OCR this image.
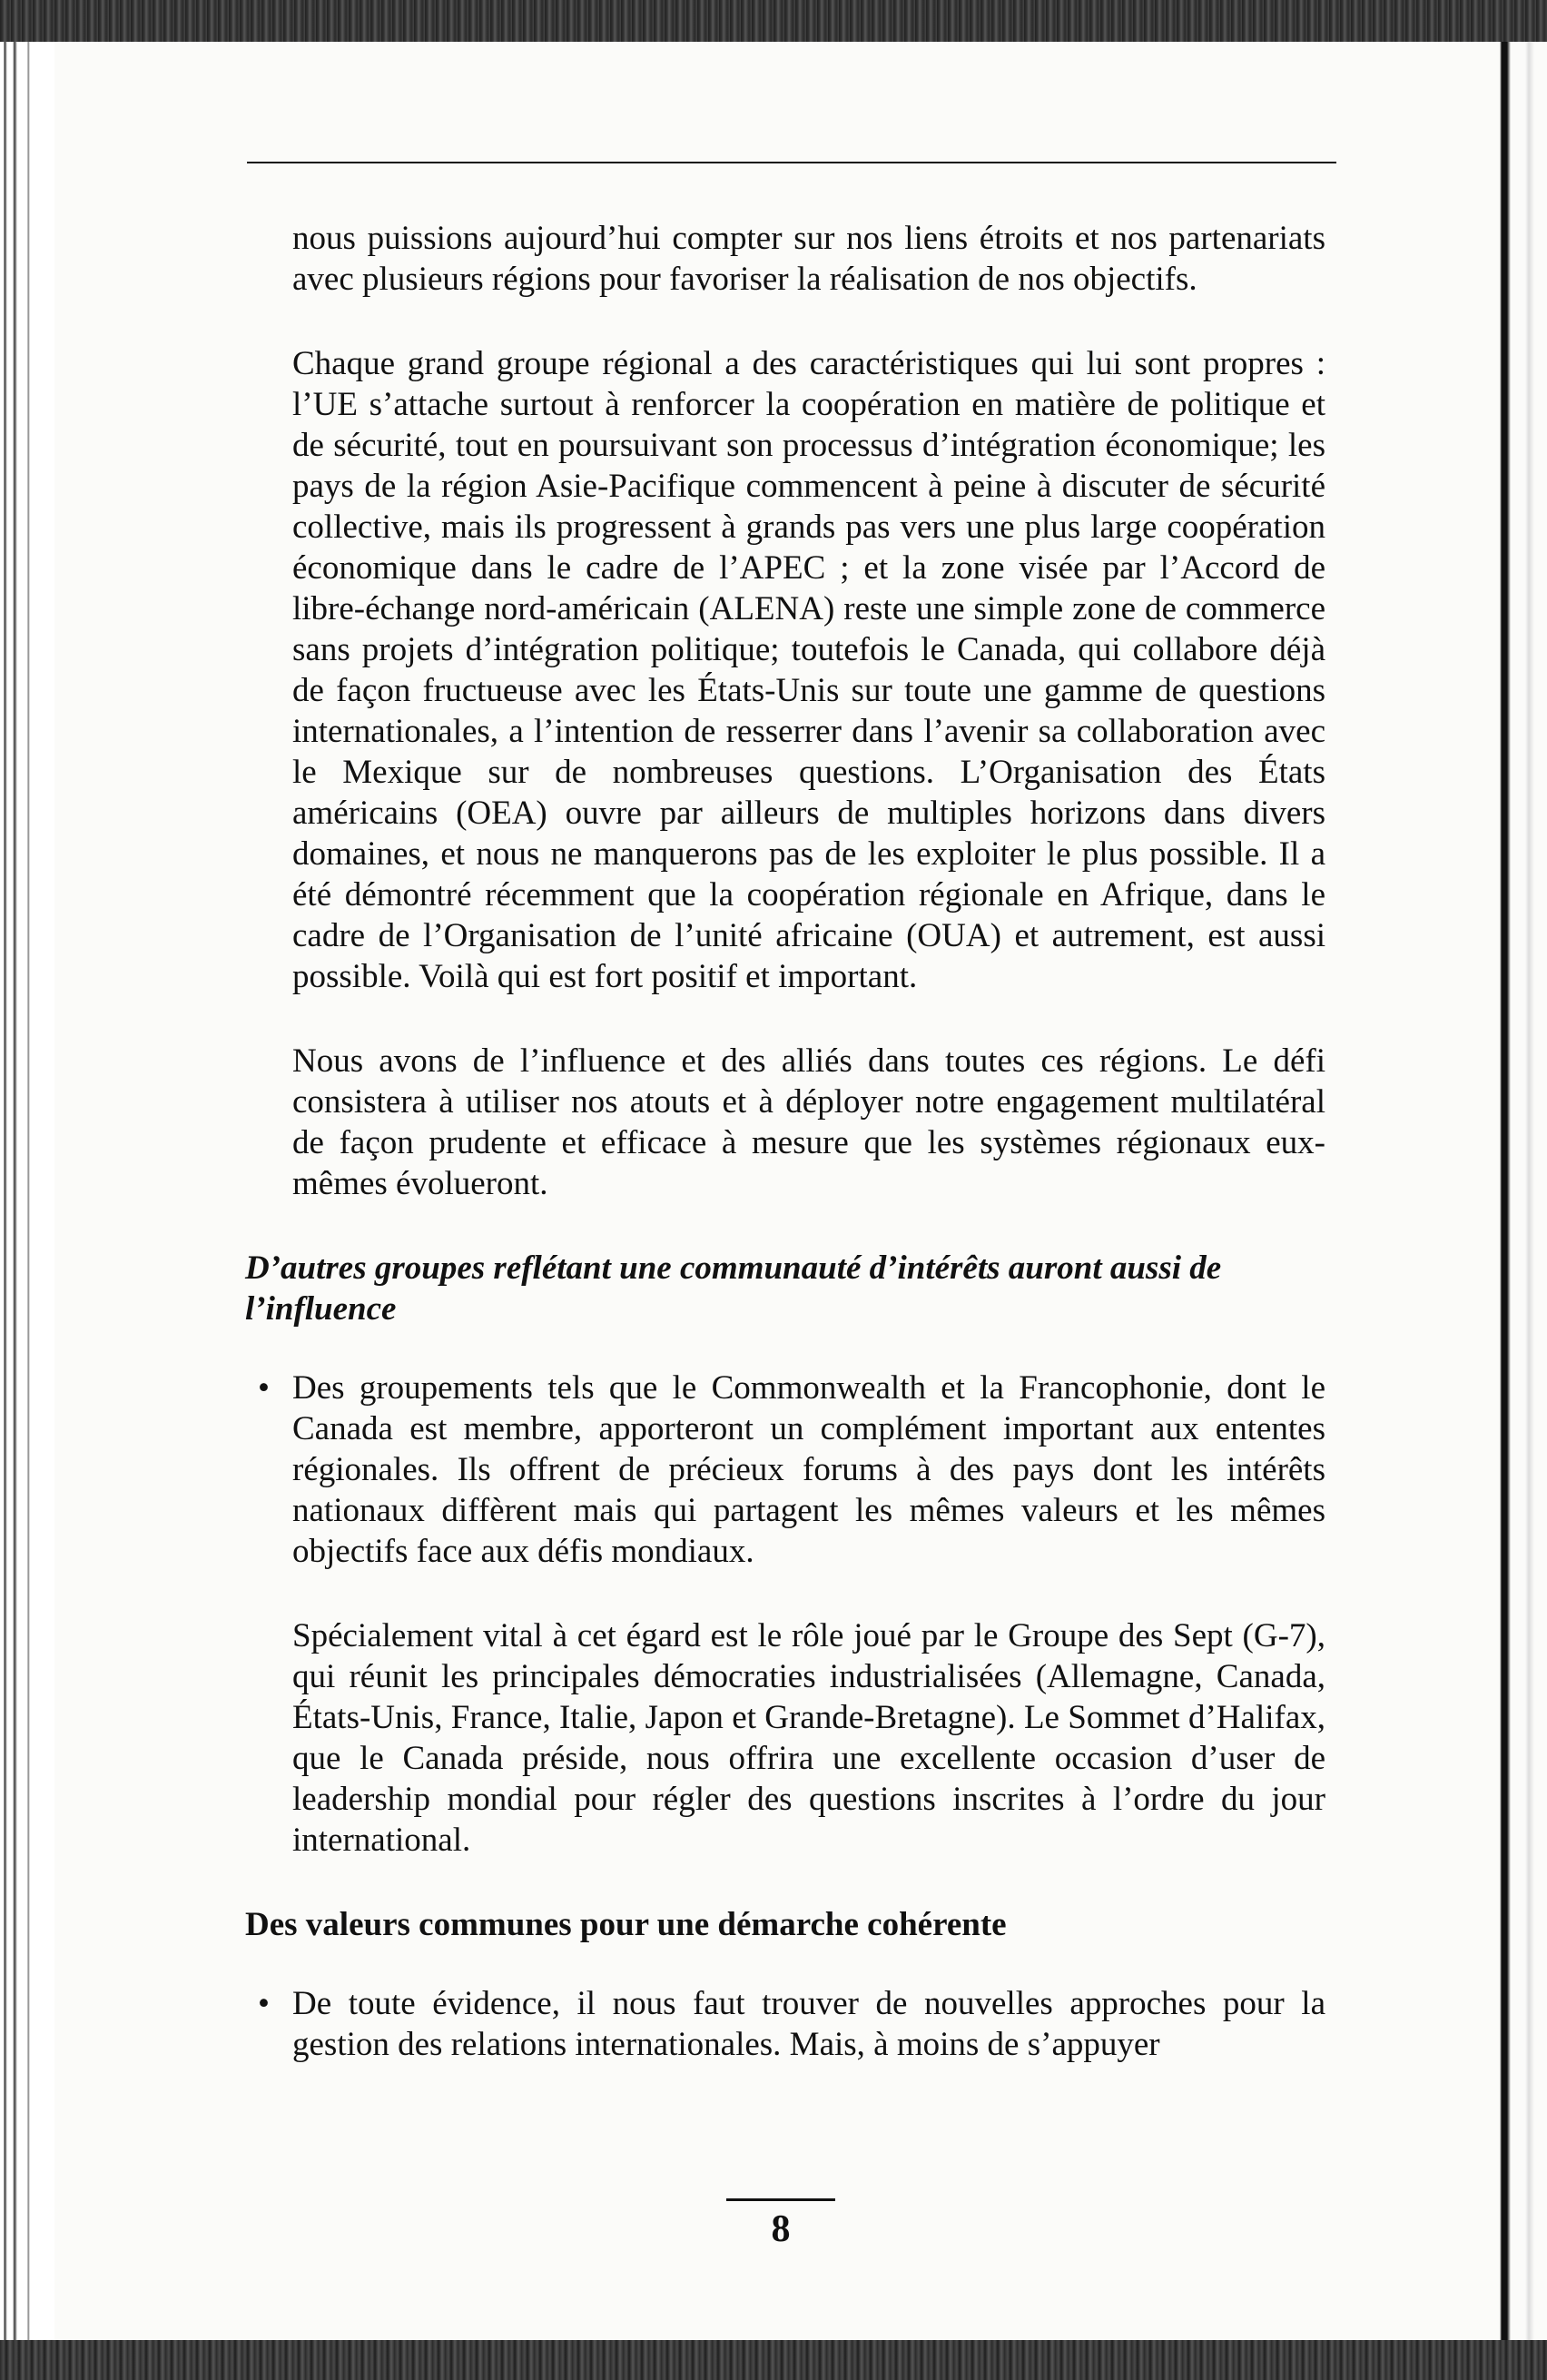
nous puissions aujourd’hui compter sur nos liens étroits et nos partenariats avec plusieurs régions pour favoriser la réalisation de nos objectifs.

Chaque grand groupe régional a des caractéristiques qui lui sont propres : l’UE s’attache surtout à renforcer la coopération en matière de politique et de sécurité, tout en poursuivant son processus d’intégration économique; les pays de la région Asie-Pacifique commencent à peine à discuter de sécurité collective, mais ils progressent à grands pas vers une plus large coopération économique dans le cadre de l’APEC ; et la zone visée par l’Accord de libre-échange nord-américain (ALENA) reste une simple zone de commerce sans projets d’intégration politique; toutefois le Canada, qui collabore déjà de façon fructueuse avec les États-Unis sur toute une gamme de questions internationales, a l’intention de resserrer dans l’avenir sa collaboration avec le Mexique sur de nombreuses questions. L’Organisation des États américains (OEA) ouvre par ailleurs de multiples horizons dans divers domaines, et nous ne manquerons pas de les exploiter le plus possible. Il a été démontré récemment que la coopération régionale en Afrique, dans le cadre de l’Organisation de l’unité africaine (OUA) et autrement, est aussi possible. Voilà qui est fort positif et important.

Nous avons de l’influence et des alliés dans toutes ces régions. Le défi consistera à utiliser nos atouts et à déployer notre engagement multilatéral de façon prudente et efficace à mesure que les systèmes régionaux eux-mêmes évolueront.

D’autres groupes reflétant une communauté d’intérêts auront aussi de l’influence
• Des groupements tels que le Commonwealth et la Francophonie, dont le Canada est membre, apporteront un complément important aux ententes régionales. Ils offrent de précieux forums à des pays dont les intérêts nationaux diffèrent mais qui partagent les mêmes valeurs et les mêmes objectifs face aux défis mondiaux.

Spécialement vital à cet égard est le rôle joué par le Groupe des Sept (G-7), qui réunit les principales démocraties industrialisées (Allemagne, Canada, États-Unis, France, Italie, Japon et Grande-Bretagne). Le Sommet d’Halifax, que le Canada préside, nous offrira une excellente occasion d’user de leadership mondial pour régler des questions inscrites à l’ordre du jour international.

Des valeurs communes pour une démarche cohérente
• De toute évidence, il nous faut trouver de nouvelles approches pour la gestion des relations internationales. Mais, à moins de s’appuyer

8
